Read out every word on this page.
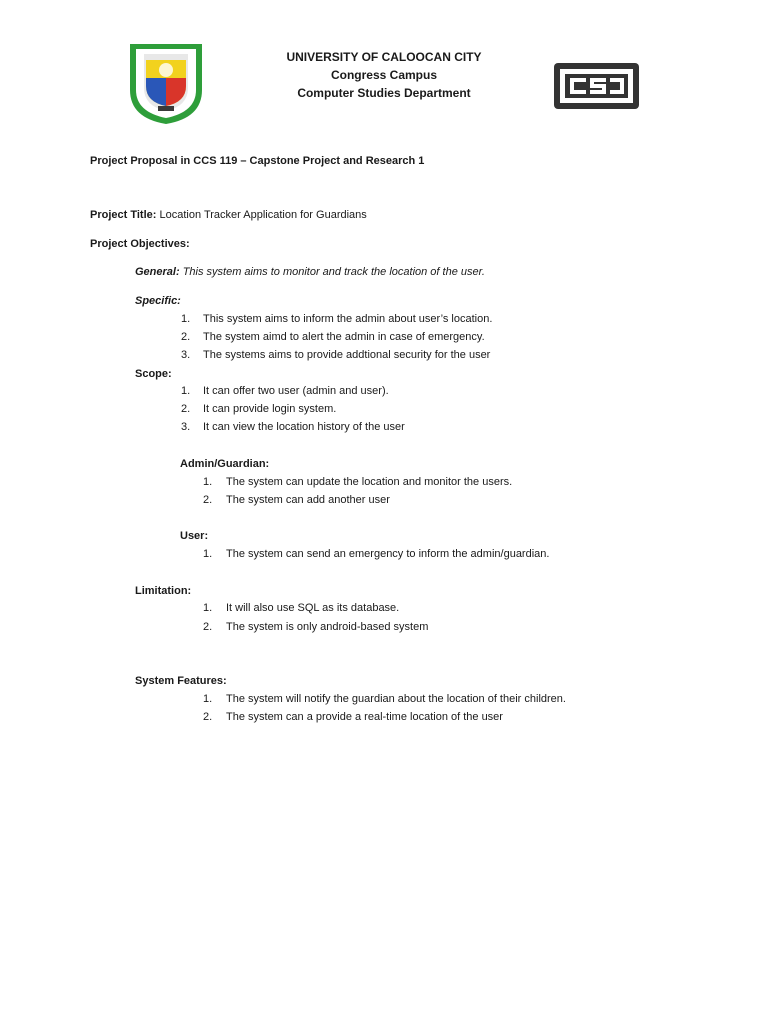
UNIVERSITY OF CALOOCAN CITY
Congress Campus
Computer Studies Department
Project Proposal in CCS 119 – Capstone Project and Research 1
Project Title: Location Tracker Application for Guardians
Project Objectives:
General: This system aims to monitor and track the location of the user.
Specific:
1. This system aims to inform the admin about user’s location.
2. The system aimd to alert the admin in case of emergency.
3. The systems aims to provide addtional security for the user
Scope:
1. It can offer two user (admin and user).
2. It can provide login system.
3. It can view the location history of the user
Admin/Guardian:
1. The system can update the location and monitor the users.
2. The system can add another user
User:
1. The system can send an emergency to inform the admin/guardian.
Limitation:
1. It will also use SQL as its database.
2. The system is only android-based system
System Features:
1. The system will notify the guardian about the location of their children.
2. The system can a provide a real-time location of the user
